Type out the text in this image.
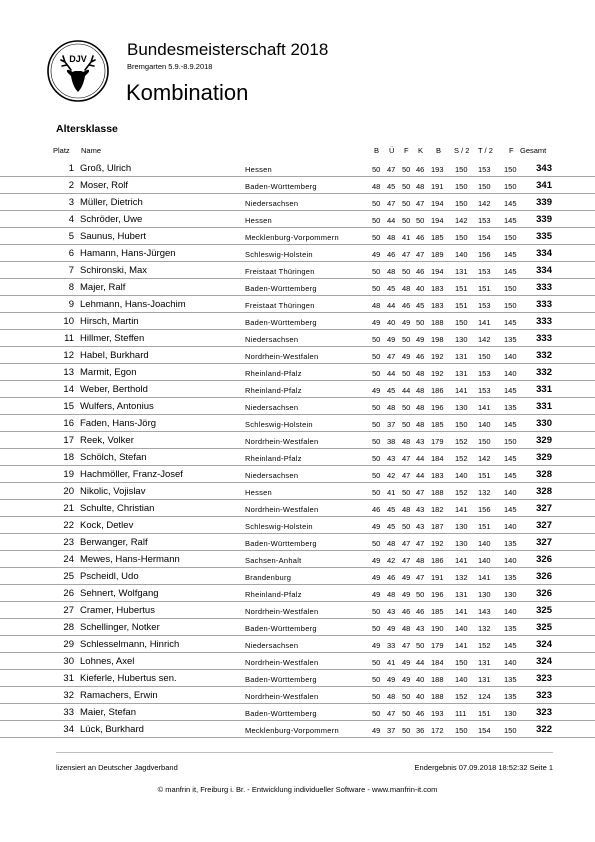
DJV Bundesmeisterschaft 2018
Bremgarten 5.9.-8.9.2018
Kombination
Altersklasse
Platz Name	B Ü F K B S / 2 T / 2 F Gesamt
1 Groß, Ulrich	Hessen	50 47 50 46 193 150 153 150	343
2 Moser, Rolf	Baden-Württemberg	48 45 50 48 191 150 150 150	341
3 Müller, Dietrich	Niedersachsen	50 47 50 47 194 150 142 145	339
4 Schröder, Uwe	Hessen	50 44 50 50 194 142 153 145	339
5 Saunus, Hubert	Mecklenburg-Vorpommern	50 48 41 46 185 150 154 150	335
6 Hamann, Hans-Jürgen	Schleswig-Holstein	49 46 47 47 189 140 156 145	334
7 Schironski, Max	Freistaat Thüringen	50 48 50 46 194 131 153 145	334
8 Majer, Ralf	Baden-Württemberg	50 45 48 40 183 151 151 150	333
9 Lehmann, Hans-Joachim	Freistaat Thüringen	48 44 46 45 183 151 153 150	333
10 Hirsch, Martin	Baden-Württemberg	49 40 49 50 188 150 141 145	333
11 Hillmer, Steffen	Niedersachsen	50 49 50 49 198 130 142 135	333
12 Habel, Burkhard	Nordrhein-Westfalen	50 47 49 46 192 131 150 140	332
13 Marmit, Egon	Rheinland-Pfalz	50 44 50 48 192 131 153 140	332
14 Weber, Berthold	Rheinland-Pfalz	49 45 44 48 186 141 153 145	331
15 Wulfers, Antonius	Niedersachsen	50 48 50 48 196 130 141 135	331
16 Faden, Hans-Jörg	Schleswig-Holstein	50 37 50 48 185 150 140 145	330
17 Reek, Volker	Nordrhein-Westfalen	50 38 48 43 179 152 150 150	329
18 Schölch, Stefan	Rheinland-Pfalz	50 43 47 44 184 152 142 145	329
19 Hachmöller, Franz-Josef	Niedersachsen	50 42 47 44 183 140 151 145	328
20 Nikolic, Vojislav	Hessen	50 41 50 47 188 152 132 140	328
21 Schulte, Christian	Nordrhein-Westfalen	46 45 48 43 182 141 156 145	327
22 Kock, Detlev	Schleswig-Holstein	49 45 50 43 187 130 151 140	327
23 Berwanger, Ralf	Baden-Württemberg	50 48 47 47 192 130 140 135	327
24 Mewes, Hans-Hermann	Sachsen-Anhalt	49 42 47 48 186 141 140 140	326
25 Pscheidl, Udo	Brandenburg	49 46 49 47 191 132 141 135	326
26 Sehnert, Wolfgang	Rheinland-Pfalz	49 48 49 50 196 131 130 130	326
27 Cramer, Hubertus	Nordrhein-Westfalen	50 43 46 46 185 141 143 140	325
28 Schellinger, Notker	Baden-Württemberg	50 49 48 43 190 140 132 135	325
29 Schlesselmann, Hinrich	Niedersachsen	49 33 47 50 179 141 152 145	324
30 Lohnes, Axel	Nordrhein-Westfalen	50 41 49 44 184 150 131 140	324
31 Kieferle, Hubertus sen.	Baden-Württemberg	50 49 49 40 188 140 131 135	323
32 Ramachers, Erwin	Nordrhein-Westfalen	50 48 50 40 188 152 124 135	323
33 Maier, Stefan	Baden-Württemberg	50 47 50 46 193 111 151 130	323
34 Lück, Burkhard	Mecklenburg-Vorpommern	49 37 50 36 172 150 154 150	322
lizensiert an Deutscher Jagdverband	Endergebnis 07.09.2018 18:52:32 Seite 1
© manfrin it, Freiburg i. Br. - Entwicklung individueller Software - www.manfrin-it.com
